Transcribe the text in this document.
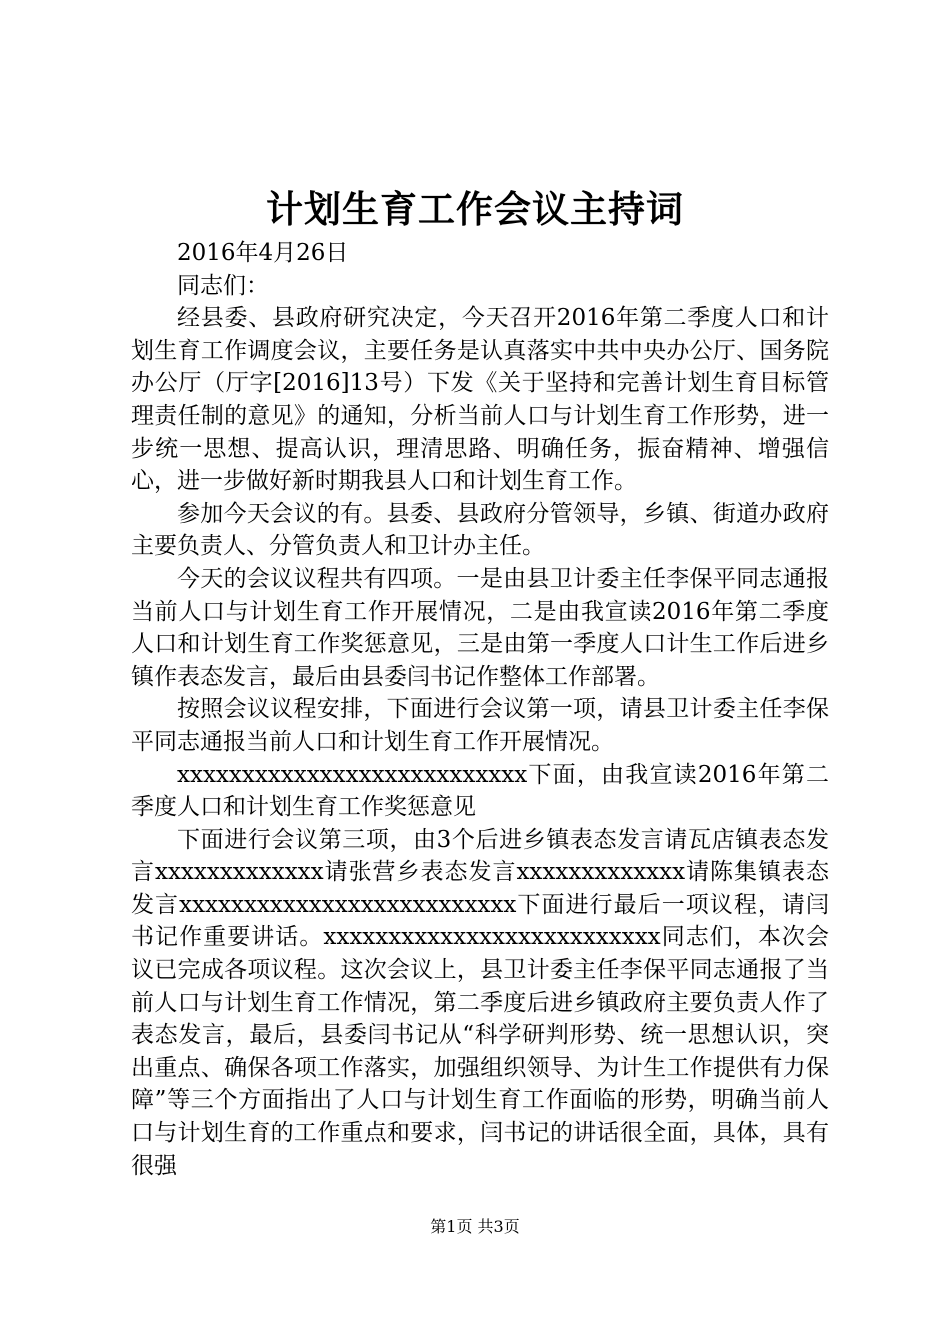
计划生育工作会议主持词

2016年4月26日

同志们：

经县委、县政府研究决定，今天召开2016年第二季度人口和计划生育工作调度会议，主要任务是认真落实中共中央办公厅、国务院办公厅（厅字[2016]13号）下发《关于坚持和完善计划生育目标管理责任制的意见》的通知，分析当前人口与计划生育工作形势，进一步统一思想、提高认识，理清思路、明确任务，振奋精神、增强信心，进一步做好新时期我县人口和计划生育工作。

参加今天会议的有。县委、县政府分管领导，乡镇、街道办政府主要负责人、分管负责人和卫计办主任。

今天的会议议程共有四项。一是由县卫计委主任李保平同志通报当前人口与计划生育工作开展情况，二是由我宣读2016年第二季度人口和计划生育工作奖惩意见，三是由第一季度人口计生工作后进乡镇作表态发言，最后由县委闫书记作整体工作部署。

按照会议议程安排，下面进行会议第一项，请县卫计委主任李保平同志通报当前人口和计划生育工作开展情况。

xxxxxxxxxxxxxxxxxxxxxxxxxxx下面，由我宣读2016年第二季度人口和计划生育工作奖惩意见

下面进行会议第三项，由3个后进乡镇表态发言请瓦店镇表态发言xxxxxxxxxxxxx请张营乡表态发言xxxxxxxxxxxxx请陈集镇表态发言xxxxxxxxxxxxxxxxxxxxxxxxxx下面进行最后一项议程，请闫书记作重要讲话。xxxxxxxxxxxxxxxxxxxxxxxxxx同志们，本次会议已完成各项议程。这次会议上，县卫计委主任李保平同志通报了当前人口与计划生育工作情况，第二季度后进乡镇政府主要负责人作了表态发言，最后，县委闫书记从“科学研判形势、统一思想认识，突出重点、确保各项工作落实，加强组织领导、为计生工作提供有力保障”等三个方面指出了人口与计划生育工作面临的形势，明确当前人口与计划生育的工作重点和要求，闫书记的讲话很全面，具体，具有很强

第1页 共3页
